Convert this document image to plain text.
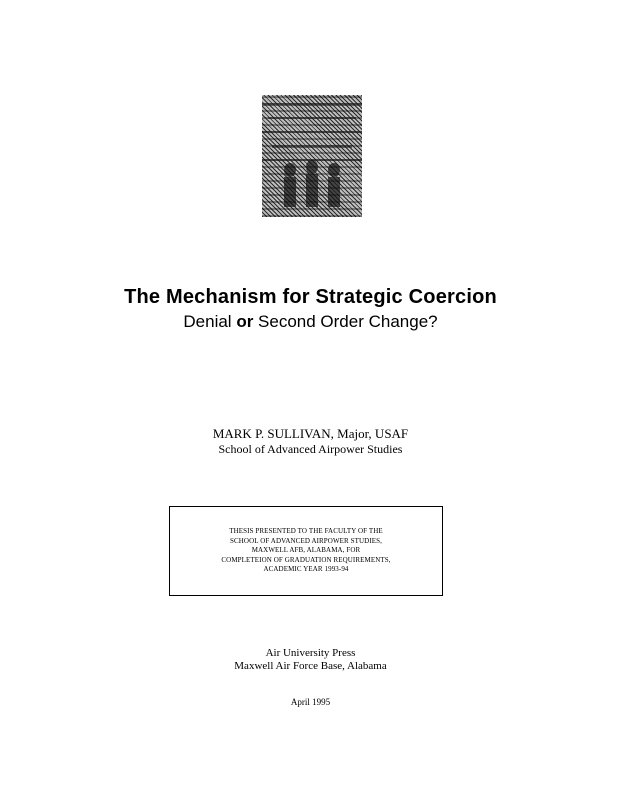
The Mechanism for Strategic Coercion
Denial or Second Order Change?
MARK P. SULLIVAN, Major, USAF
School of Advanced Airpower Studies
THESIS PRESENTED TO THE FACULTY OF THE
SCHOOL OF ADVANCED AIRPOWER STUDIES,
MAXWELL AFB, ALABAMA, FOR
COMPLETEION OF GRADUATION REQUIREMENTS,
ACADEMIC YEAR 1993-94
Air University Press
Maxwell Air Force Base, Alabama
April 1995
